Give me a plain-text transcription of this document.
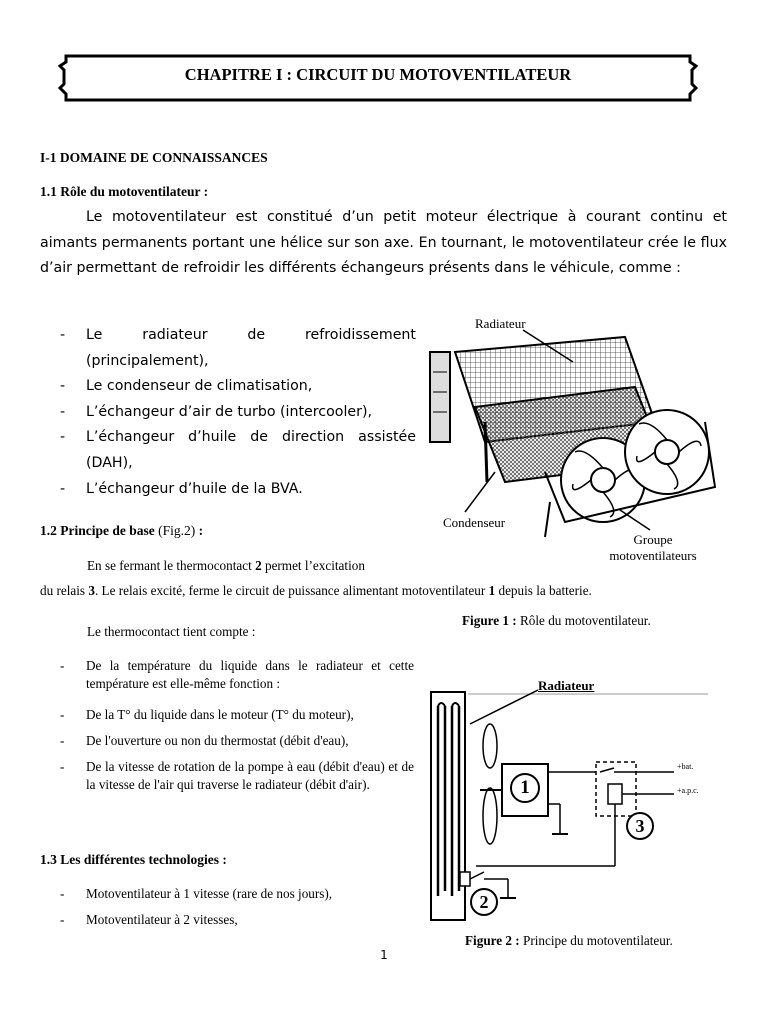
CHAPITRE I : CIRCUIT DU MOTOVENTILATEUR
I-1 DOMAINE DE CONNAISSANCES
1.1 Rôle du motoventilateur :
Le motoventilateur est constitué d’un petit moteur électrique à courant continu et aimants permanents portant une hélice sur son axe. En tournant, le motoventilateur crée le flux d’air permettant de refroidir les différents échangeurs présents dans le véhicule, comme :
- Le radiateur de refroidissement (principalement),
- Le condenseur de climatisation,
- L’échangeur d’air de turbo (intercooler),
- L’échangeur d’huile de direction assistée (DAH),
- L’échangeur d’huile de la BVA.
Radiateur
Condenseur
Groupe
motoventilateurs
1.2 Principe de base (Fig.2) :
En se fermant le thermocontact 2 permet l’excitation
du relais 3. Le relais excité, ferme le circuit de puissance alimentant motoventilateur 1 depuis la batterie.
Figure 1 : Rôle du motoventilateur.
Le thermocontact tient compte :
- De la température du liquide dans le radiateur et cette température est elle-même fonction :
- De la T° du liquide dans le moteur (T° du moteur),
- De l'ouverture ou non du thermostat (débit d'eau),
- De la vitesse de rotation de la pompe à eau (débit d'eau) et de la vitesse de l'air qui traverse le radiateur (débit d'air).
Radiateur
+bat.
+a.p.c.
1
2
3
1.3 Les différentes technologies :
- Motoventilateur à 1 vitesse (rare de nos jours),
- Motoventilateur à 2 vitesses,
Figure 2 : Principe du motoventilateur.
1
